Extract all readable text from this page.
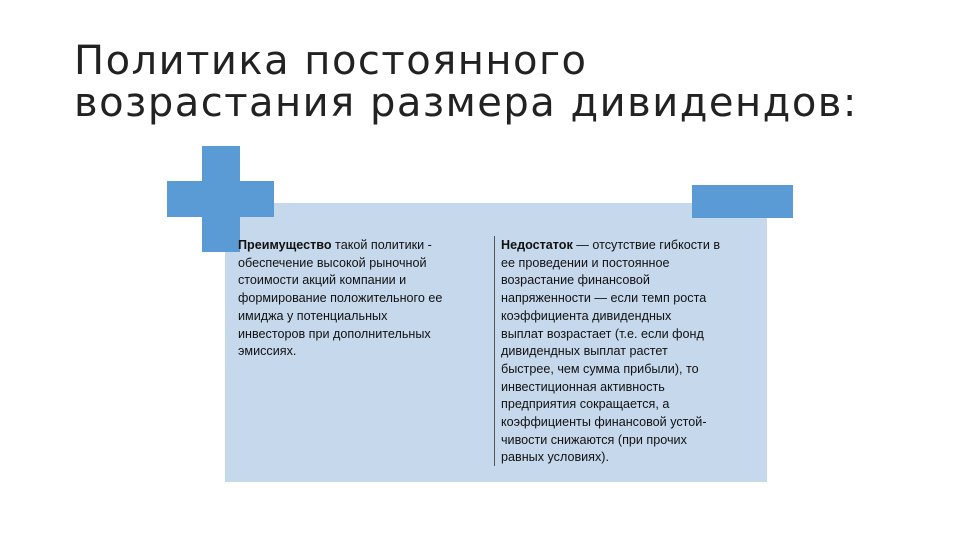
Политика постоянного
возрастания размера дивидендов:
Преимущество такой политики -
обеспечение высокой рыночной
стоимости акций компании и
формирование положительного ее
имиджа у потенциальных
инвесторов при дополнительных
эмиссиях.
Недостаток — отсутствие гибкости в
ее проведении и постоянное
возрастание финансовой
напряженности — если темп роста
коэффициента дивидендных
выплат возрастает (т.е. если фонд
дивидендных выплат растет
быстрее, чем сумма прибыли), то
инвестиционная активность
предприятия сокращается, а
коэффициенты финансовой устой-
чивости снижаются (при прочих
равных условиях).
